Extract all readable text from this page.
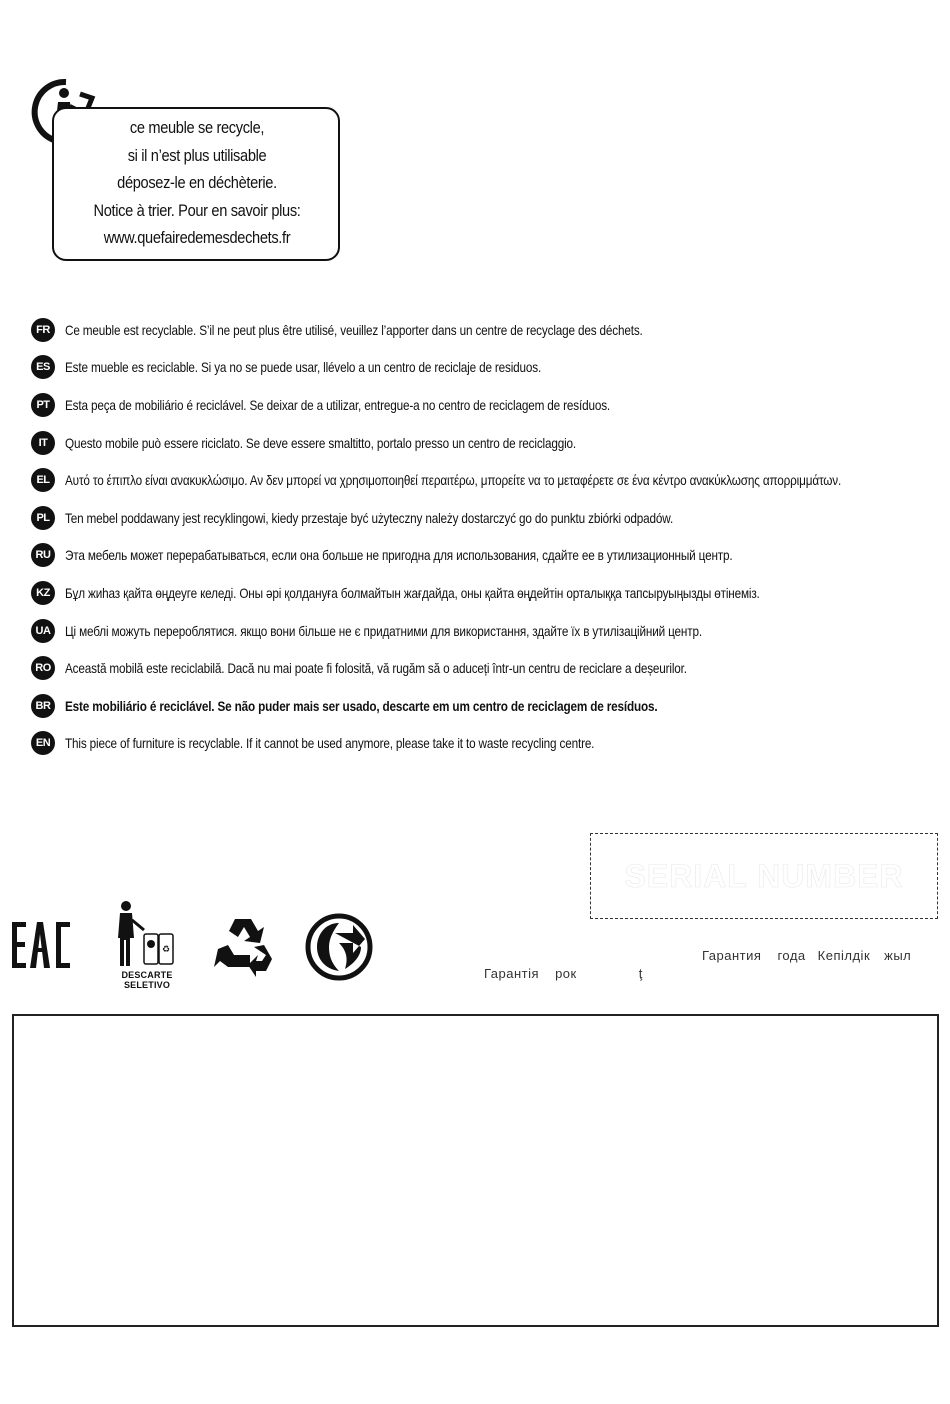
ce meuble se recycle,
si il n’est plus utilisable
déposez-le en déchèterie.
Notice à trier. Pour en savoir plus:
www.quefairedemesdechets.fr
FR	Ce meuble est recyclable. S’il ne peut plus être utilisé, veuillez l’apporter dans un centre de recyclage des déchets.
ES	Este mueble es reciclable. Si ya no se puede usar, llévelo a un centro de reciclaje de residuos.
PT	Esta peça de mobiliário é reciclável. Se deixar de a utilizar, entregue-a no centro de reciclagem de resíduos.
IT	Questo mobile può essere riciclato. Se deve essere smaltitto, portalo presso un centro de reciclaggio.
EL	Αυτό το έπιπλο είναι ανακυκλώσιμο. Αν δεν μπορεί να χρησιμοποιηθεί περαιτέρω, μπορείτε να το μεταφέρετε σε ένα κέντρο ανακύκλωσης απορριμμάτων.
PL	Ten mebel poddawany jest recyklingowi, kiedy przestaje być użyteczny należy dostarczyć go do punktu zbiórki odpadów.
RU	Эта мебель может перерабатываться, если она больше не пригодна для использования, сдайте ее в утилизационный центр.
KZ	Бұл жиһаз қайта өңдеуге келеді. Оны әрі қолдануға болмайтын жағдайда, оны қайта өңдейтін орталыққа тапсыруыңызды өтінеміз.
UA	Ці меблі можуть перероблятися. якщо вони більше не є придатними для використання, здайте їх в утилізаційний центр.
RO	Această mobilă este reciclabilă. Dacă nu mai poate fi folosită, vă rugăm să o aduceți într-un centru de reciclare a deșeurilor.
BR	Este mobiliário é reciclável. Se não puder mais ser usado, descarte em um centro de reciclagem de resíduos.
EN	This piece of furniture is recyclable. If it cannot be used anymore, please take it to waste recycling centre.
SERIAL NUMBER
♻
DESCARTE
SELETIVO
Гарантия года Кепілдік жыл
Гарантія рок	ţ
